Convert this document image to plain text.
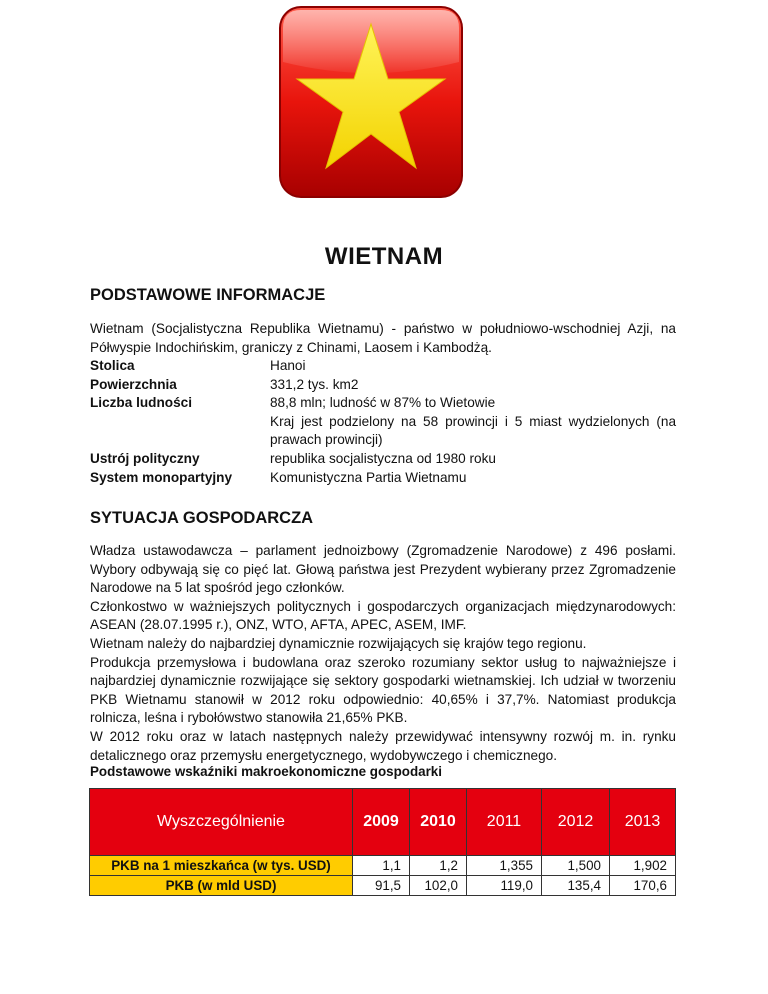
WIETNAM
PODSTAWOWE INFORMACJE
Wietnam (Socjalistyczna Republika Wietnamu) - państwo w południowo-wschodniej Azji, na Półwyspie Indochińskim, graniczy z Chinami, Laosem i Kambodżą.
Stolica	Hanoi
Powierzchnia	331,2 tys. km2
Liczba ludności	88,8 mln; ludność w 87% to Wietowie
Kraj jest podzielony na 58 prowincji i 5 miast wydzielonych (na prawach prowincji)
Ustrój polityczny	republika socjalistyczna od 1980 roku
System monopartyjny	Komunistyczna Partia Wietnamu
SYTUACJA GOSPODARCZA

Władza ustawodawcza – parlament jednoizbowy (Zgromadzenie Narodowe) z 496 posłami. Wybory odbywają się co pięć lat. Głową państwa jest Prezydent wybierany przez Zgromadzenie Narodowe na 5 lat spośród jego członków.

Członkostwo w ważniejszych politycznych i gospodarczych organizacjach międzynarodowych: ASEAN (28.07.1995 r.), ONZ, WTO, AFTA, APEC, ASEM, IMF.

Wietnam należy do najbardziej dynamicznie rozwijających się krajów tego regionu.

Produkcja przemysłowa i budowlana oraz szeroko rozumiany sektor usług to najważniejsze i najbardziej dynamicznie rozwijające się sektory gospodarki wietnamskiej. Ich udział w tworzeniu PKB Wietnamu stanowił w 2012 roku odpowiednio: 40,65% i 37,7%. Natomiast produkcja rolnicza, leśna i rybołówstwo stanowiła 21,65% PKB.

W 2012 roku oraz w latach następnych należy przewidywać intensywny rozwój m. in. rynku detalicznego oraz przemysłu energetycznego, wydobywczego i chemicznego.

Podstawowe wskaźniki makroekonomiczne gospodarki
Wyszczególnienie	2009	2010	2011	2012	2013
PKB na 1 mieszkańca (w tys. USD)	1,1	1,2	1,355	1,500	1,902
PKB (w mld USD)	91,5	102,0	119,0	135,4	170,6
